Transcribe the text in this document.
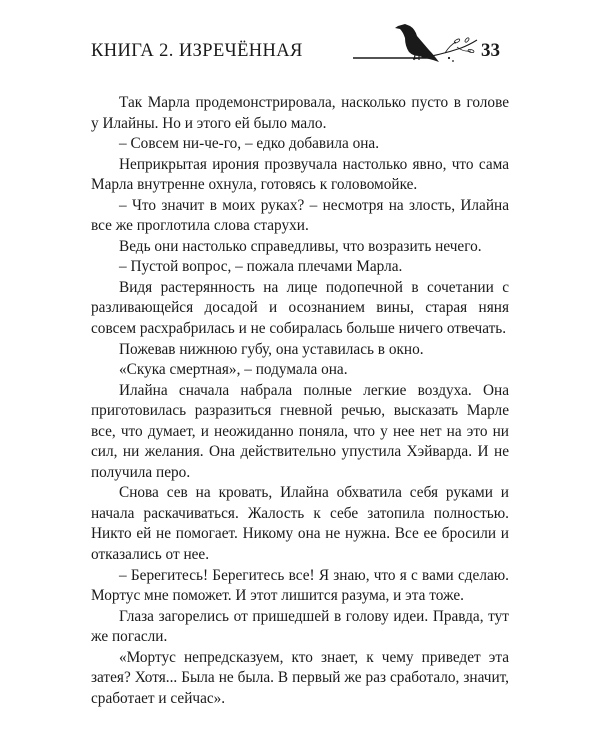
КНИГА 2. ИЗРЕЧЁННАЯ	33

Так Марла продемонстрировала, насколько пусто в голове у Илайны. Но и этого ей было мало.

– Совсем ни-че-го, – едко добавила она.

Неприкрытая ирония прозвучала настолько явно, что сама Марла внутренне охнула, готовясь к головомойке.

– Что значит в моих руках? – несмотря на злость, Илайна все же проглотила слова старухи.

Ведь они настолько справедливы, что возразить нечего.

– Пустой вопрос, – пожала плечами Марла.

Видя растерянность на лице подопечной в сочетании с разливающейся досадой и осознанием вины, старая няня совсем расхрабрилась и не собиралась больше ничего отвечать.

Пожевав нижнюю губу, она уставилась в окно.

«Скука смертная», – подумала она.

Илайна сначала набрала полные легкие воздуха. Она приготовилась разразиться гневной речью, высказать Марле все, что думает, и неожиданно поняла, что у нее нет на это ни сил, ни желания. Она действительно упустила Хэйварда. И не получила перо.

Снова сев на кровать, Илайна обхватила себя руками и начала раскачиваться. Жалость к себе затопила полностью. Никто ей не помогает. Никому она не нужна. Все ее бросили и отказались от нее.

– Берегитесь! Берегитесь все! Я знаю, что я с вами сделаю. Мортус мне поможет. И этот лишится разума, и эта тоже.

Глаза загорелись от пришедшей в голову идеи. Правда, тут же погасли.

«Мортус непредсказуем, кто знает, к чему приведет эта затея? Хотя... Была не была. В первый же раз сработало, значит, сработает и сейчас».
